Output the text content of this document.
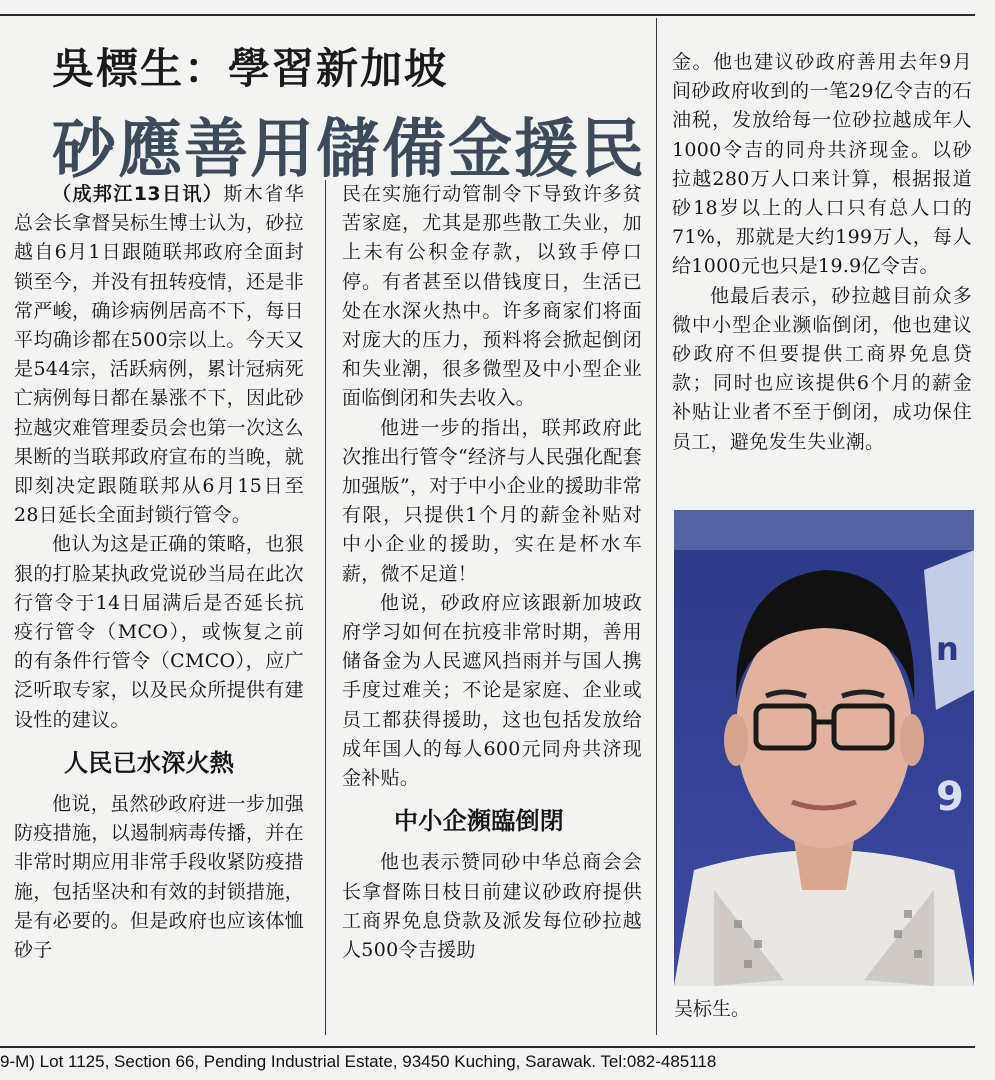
吳標生：學習新加坡
砂應善用儲備金援民

（成邦江13日讯）斯木省华总会长拿督吴标生博士认为，砂拉越自6月1日跟随联邦政府全面封锁至今，并没有扭转疫情，还是非常严峻，确诊病例居高不下，每日平均确诊都在500宗以上。今天又是544宗，活跃病例，累计冠病死亡病例每日都在暴涨不下，因此砂拉越灾难管理委员会也第一次这么果断的当联邦政府宣布的当晚，就即刻决定跟随联邦从6月15日至28日延长全面封锁行管令。

他认为这是正确的策略，也狠狠的打脸某执政党说砂当局在此次行管令于14日届满后是否延长抗疫行管令（MCO），或恢复之前的有条件行管令（CMCO），应广泛听取专家，以及民众所提供有建设性的建议。

人民已水深火熱

他说，虽然砂政府进一步加强防疫措施，以遏制病毒传播，并在非常时期应用非常手段收紧防疫措施，包括坚决和有效的封锁措施，是有必要的。但是政府也应该体恤砂子

民在实施行动管制令下导致许多贫苦家庭，尤其是那些散工失业，加上未有公积金存款，以致手停口停。有者甚至以借钱度日，生活已处在水深火热中。许多商家们将面对庞大的压力，预料将会掀起倒闭和失业潮，很多微型及中小型企业面临倒闭和失去收入。

他进一步的指出，联邦政府此次推出行管令“经济与人民强化配套加强版”，对于中小企业的援助非常有限，只提供1个月的薪金补贴对中小企业的援助，实在是杯水车薪，微不足道！

他说，砂政府应该跟新加坡政府学习如何在抗疫非常时期，善用储备金为人民遮风挡雨并与国人携手度过难关；不论是家庭、企业或员工都获得援助，这也包括发放给成年国人的每人600元同舟共济现金补贴。

中小企瀕臨倒閉

他也表示赞同砂中华总商会会长拿督陈日枝日前建议砂政府提供工商界免息贷款及派发每位砂拉越人500令吉援助

金。他也建议砂政府善用去年9月间砂政府收到的一笔29亿令吉的石油税，发放给每一位砂拉越成年人1000令吉的同舟共济现金。以砂拉越280万人口来计算，根据报道砂18岁以上的人口只有总人口的71%，那就是大约199万人，每人给1000元也只是19.9亿令吉。

他最后表示，砂拉越目前众多微中小型企业濒临倒闭，他也建议砂政府不但要提供工商界免息贷款；同时也应该提供6个月的薪金补贴让业者不至于倒闭，成功保住员工，避免发生失业潮。

n
9
吴标生。
9-M) Lot 1125, Section 66, Pending Industrial Estate, 93450 Kuching, Sarawak. Tel:082-485118
